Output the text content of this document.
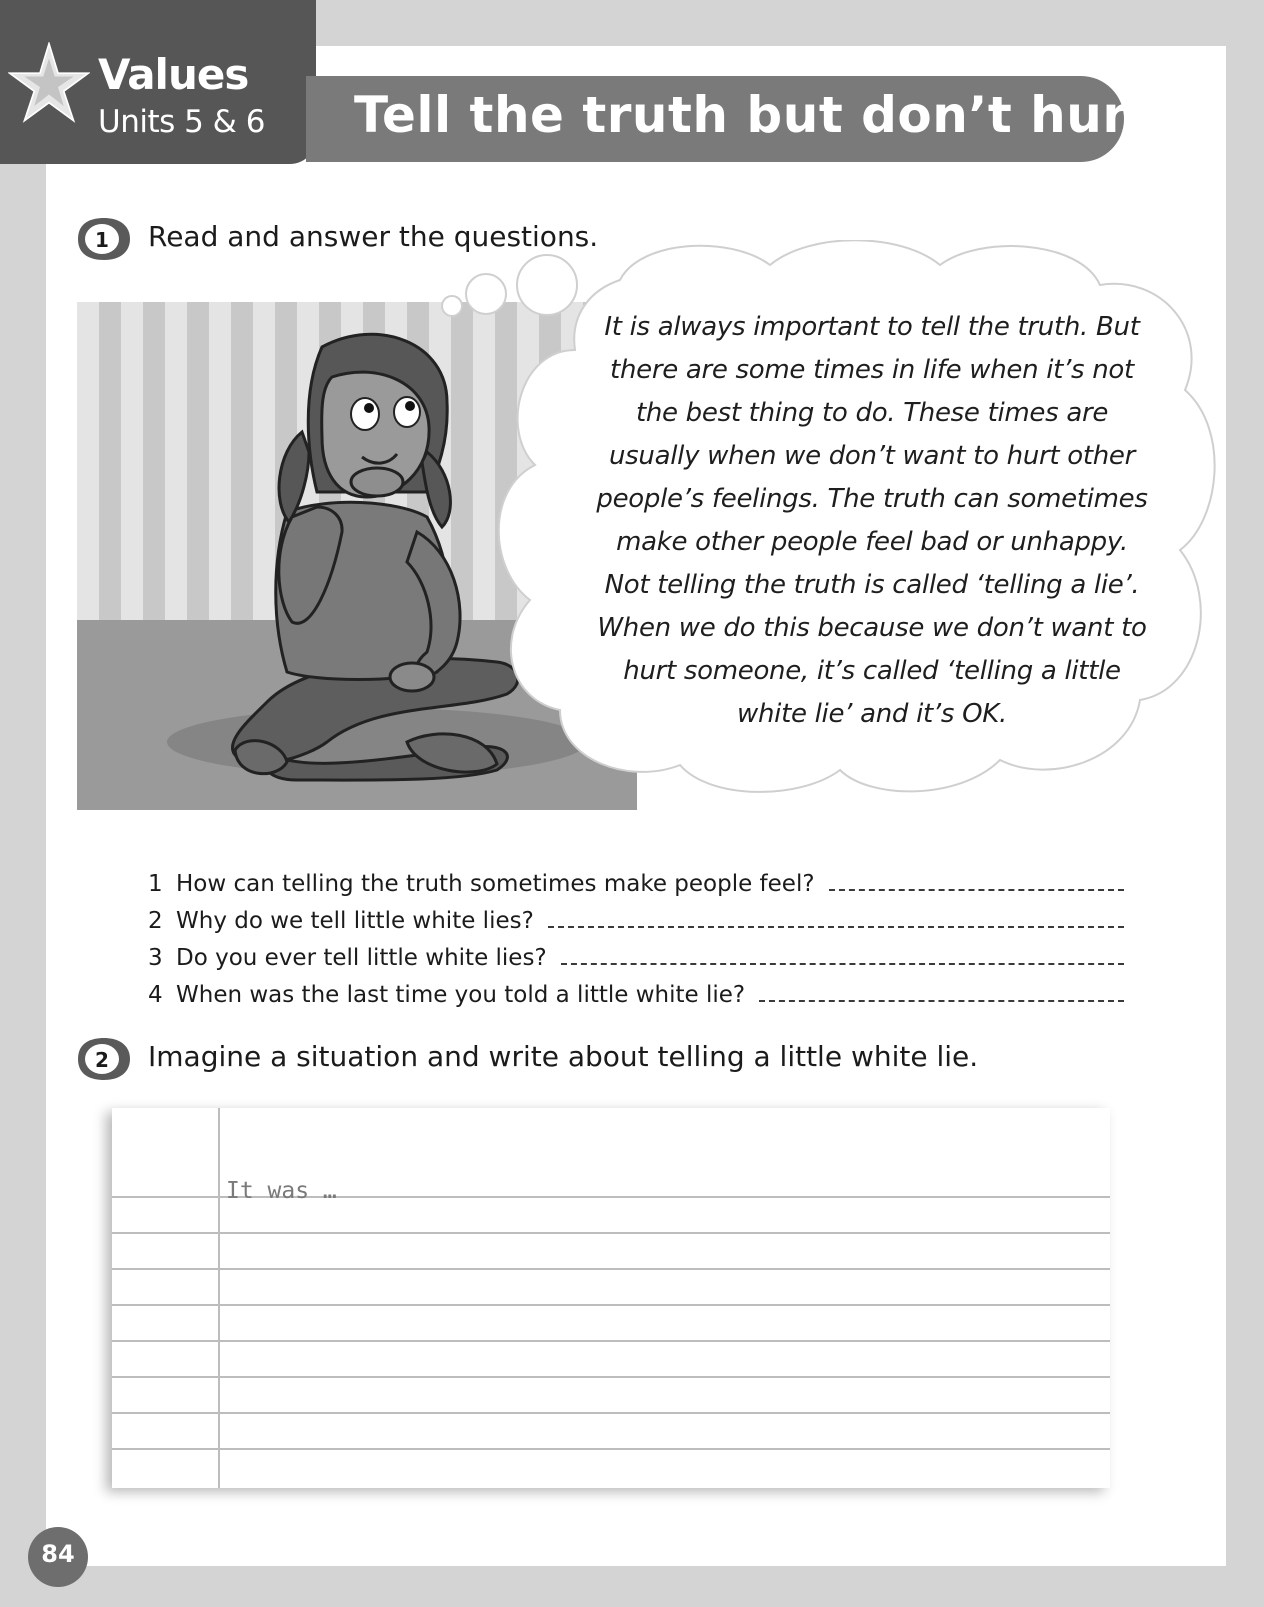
Values
Units 5 & 6 Tell the truth but don’t hurt
1 Read and answer the questions.

It is always important to tell the truth. But there are some times in life when it’s not the best thing to do. These times are usually when we don’t want to hurt other people’s feelings. The truth can sometimes make other people feel bad or unhappy. Not telling the truth is called ‘telling a lie’. When we do this because we don’t want to hurt someone, it’s called ‘telling a little white lie’ and it’s OK.

1 How can telling the truth sometimes make people feel?
2 Why do we tell little white lies?
3 Do you ever tell little white lies?
4 When was the last time you told a little white lie?
2 Imagine a situation and write about telling a little white lie.
It was …
84
